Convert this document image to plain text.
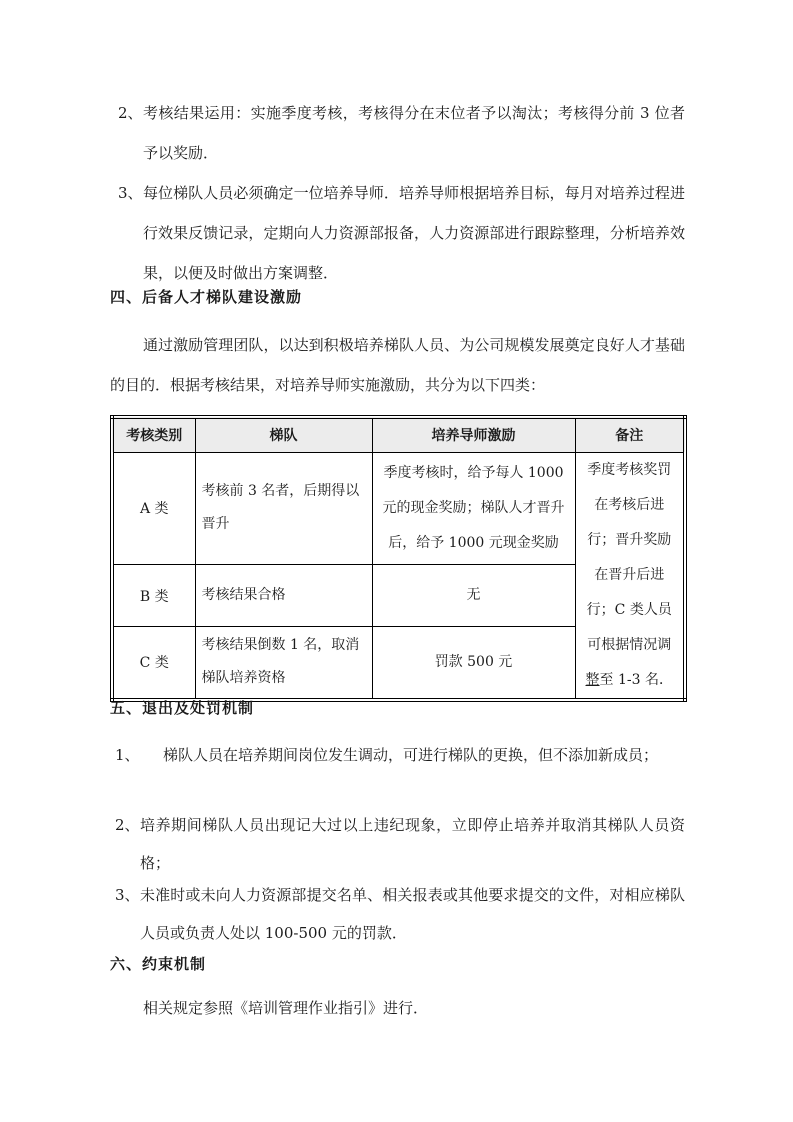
2、 考核结果运用：实施季度考核，考核得分在末位者予以淘汰；考核得分前 3 位者予以奖励．
3、 每位梯队人员必须确定一位培养导师．培养导师根据培养目标，每月对培养过程进行效果反馈记录，定期向人力资源部报备，人力资源部进行跟踪整理，分析培养效果，以便及时做出方案调整．
四、后备人才梯队建设激励
通过激励管理团队，以达到积极培养梯队人员、为公司规模发展奠定良好人才基础的目的．根据考核结果，对培养导师实施激励，共分为以下四类：
考核类别	梯队	培养导师激励	备注
A 类	考核前 3 名者，后期得以晋升	季度考核时，给予每人 1000 元的现金奖励；梯队人才晋升后，给予 1000 元现金奖励	季度考核奖罚在考核后进行；晋升奖励在晋升后进行；C 类人员可根据情况调整至 1-3 名．
B 类	考核结果合格	无	
C 类	考核结果倒数 1 名，取消梯队培养资格	罚款 500 元	
五、退出及处罚机制
1、	梯队人员在培养期间岗位发生调动，可进行梯队的更换，但不添加新成员；
2、 培养期间梯队人员出现记大过以上违纪现象，立即停止培养并取消其梯队人员资格；
3、 未准时或未向人力资源部提交名单、相关报表或其他要求提交的文件，对相应梯队人员或负责人处以 100-500 元的罚款．
六、约束机制
相关规定参照《培训管理作业指引》进行．
